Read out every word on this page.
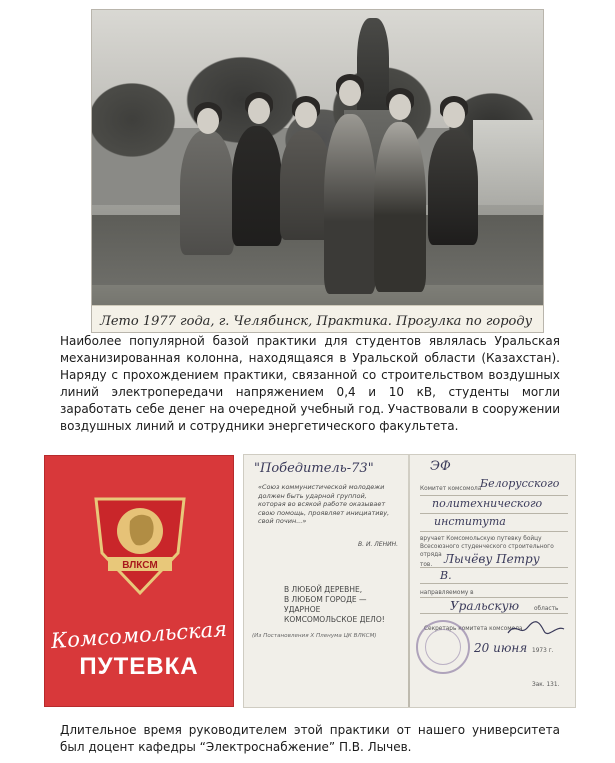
Лето 1977 года, г. Челябинск, Практика. Прогулка по городу

Наиболее популярной базой практики для студентов являлась Уральская механизированная колонна, находящаяся в Уральской области (Казахстан). Наряду с прохождением практики, связанной со строительством воздушных линий электропередачи напряжением 0,4 и 10 кВ, студенты могли заработать себе денег на очередной учебный год. Участвовали в сооружении воздушных линий и сотрудники энергетического факультета.

ВЛКСМ
Комсомольская
ПУТЕВКА
"Победитель-73"
«Союз коммунистической молодежи должен быть ударной группой, которая во всякой работе оказывает свою помощь, проявляет инициативу, свой почин...»
В. И. ЛЕНИН.
В ЛЮБОЙ ДЕРЕВНЕ,
В ЛЮБОМ ГОРОДЕ —
УДАРНОЕ
КОМСОМОЛЬСКОЕ ДЕЛО!
(Из Постановления X Пленума ЦК ВЛКСМ)
ЭФ
Комитет комсомола
Белорусского
политехнического
института
вручает Комсомольскую путевку бойцу Всесоюзного студенческого строительного отряда
тов. Лычёву Петру
В.
направляемому в
Уральскую	область
Секретарь комитета комсомола
20 июня 1973 г.
Зак. 131.

Длительное время руководителем этой практики от нашего университета был доцент кафедры “Электроснабжение” П.В. Лычев.
